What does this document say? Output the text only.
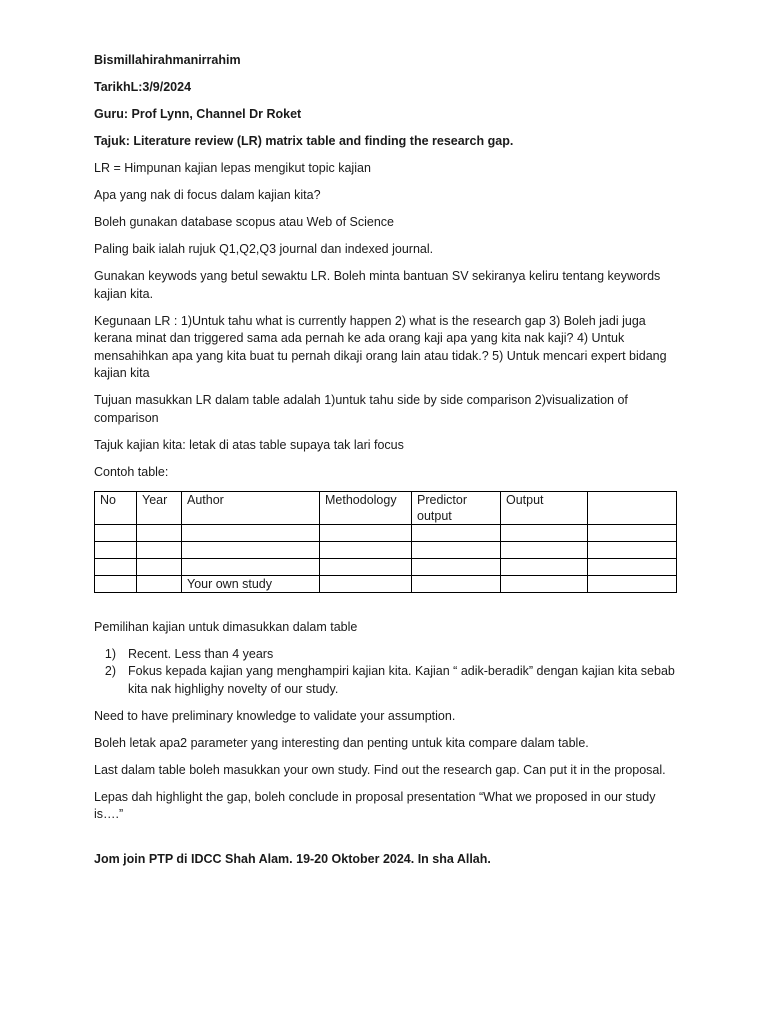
Bismillahirahmanirrahim

TarikhL:3/9/2024

Guru: Prof Lynn, Channel Dr Roket

Tajuk: Literature review (LR) matrix table and finding the research gap.

LR = Himpunan kajian lepas mengikut topic kajian

Apa yang nak di focus dalam kajian kita?

Boleh gunakan database scopus atau Web of Science

Paling baik ialah rujuk Q1,Q2,Q3 journal dan indexed journal.

Gunakan keywods yang betul sewaktu LR. Boleh minta bantuan SV sekiranya keliru tentang keywords kajian kita.

Kegunaan LR : 1)Untuk tahu what is currently happen 2) what is the research gap 3) Boleh jadi juga kerana minat dan triggered sama ada pernah ke ada orang kaji apa yang kita nak kaji? 4) Untuk mensahihkan apa yang kita buat tu pernah dikaji orang lain atau tidak.? 5) Untuk mencari expert bidang kajian kita

Tujuan masukkan LR dalam table adalah 1)untuk tahu side by side comparison 2)visualization of comparison

Tajuk kajian kita: letak di atas table supaya tak lari focus

Contoh table:

No	Year	Author	Methodology	Predictor output	Output	

		Your own study				

Pemilihan kajian untuk dimasukkan dalam table

1) Recent. Less than 4 years
2) Fokus kepada kajian yang menghampiri kajian kita. Kajian “ adik-beradik” dengan kajian kita sebab kita nak highlighy novelty of our study.

Need to have preliminary knowledge to validate your assumption.

Boleh letak apa2 parameter yang interesting dan penting untuk kita compare dalam table.

Last dalam table boleh masukkan your own study. Find out the research gap. Can put it in the proposal.

Lepas dah highlight the gap, boleh conclude in proposal presentation “What we proposed in our study is….”

Jom join PTP di IDCC Shah Alam. 19-20 Oktober 2024. In sha Allah.
